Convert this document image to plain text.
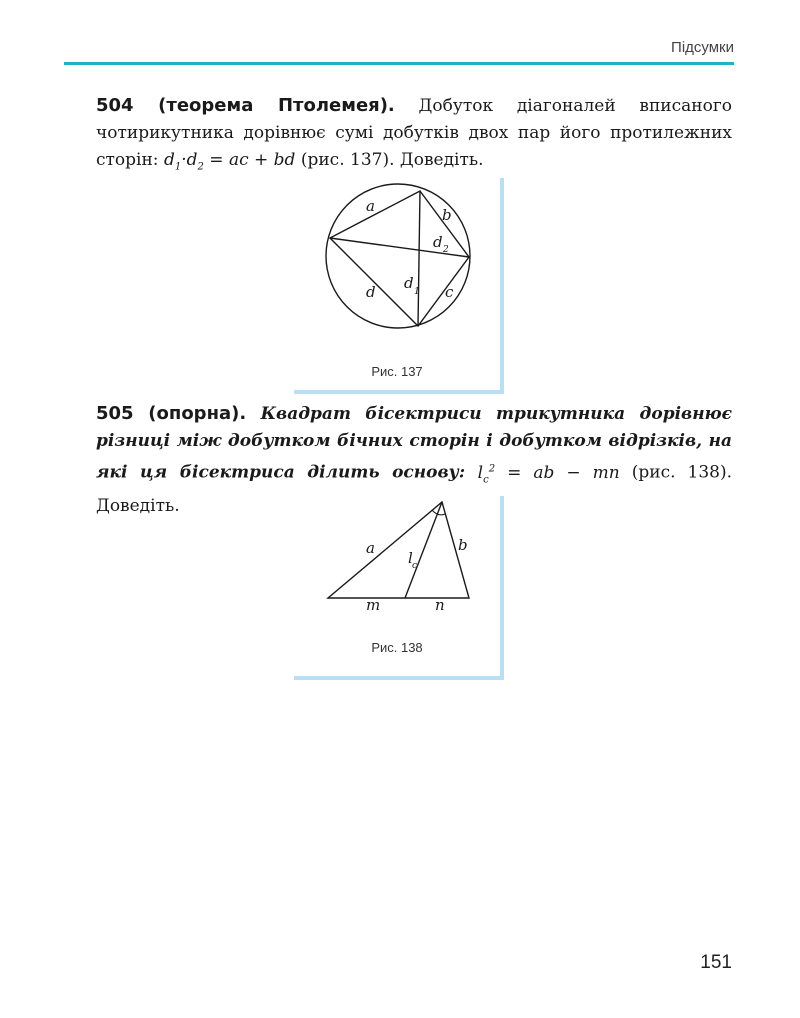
Підсумки
504 (теорема Птолемея). Добуток діагоналей вписаного чотирикутника дорівнює сумі добутків двох пар його протилежних сторін: $d_1\cdot d_2$ = ac + bd (рис. 137). Доведіть.
a	b
d 2
d 1
d	c
Рис. 137
505 (опорна). Квадрат бісектриси трикутника дорівнює різниці між добутком бічних сторін і добутком відрізків, на які ця бісектриса ділить основу: $l_c^2$ = ab − mn (рис. 138). Доведіть.
a	b
l c
m	n
Рис. 138
151
